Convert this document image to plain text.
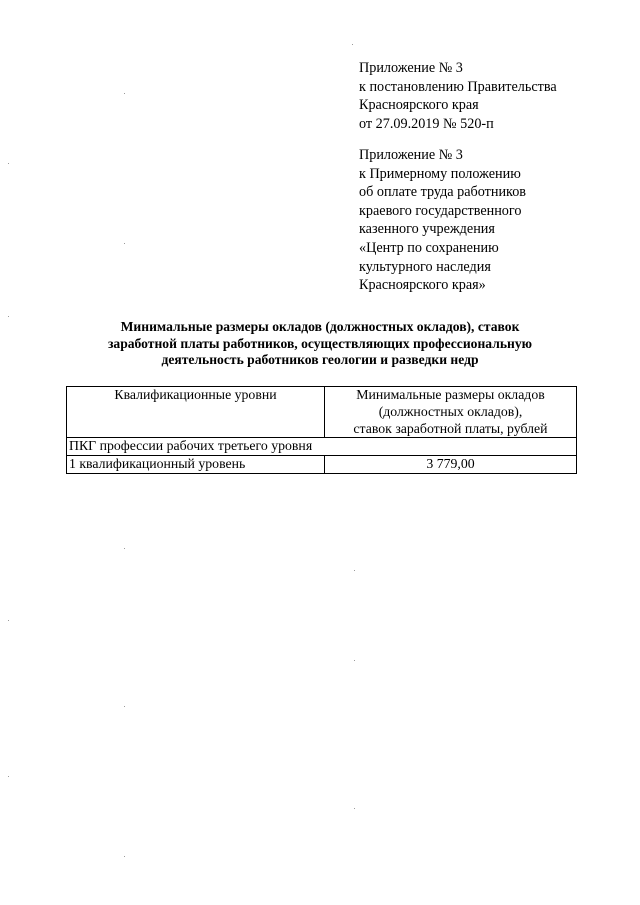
Приложение № 3
к постановлению Правительства
Красноярского края
от 27.09.2019 № 520-п
Приложение № 3
к Примерному положению
об оплате труда работников
краевого государственного
казенного учреждения
«Центр по сохранению
культурного наследия
Красноярского края»
Минимальные размеры окладов (должностных окладов), ставок
заработной платы работников, осуществляющих профессиональную
деятельность работников геологии и разведки недр
Квалификационные уровни	Минимальные размеры окладов
(должностных окладов),
ставок заработной платы, рублей

ПКГ профессии рабочих третьего уровня	
1 квалификационный уровень	3 779,00
